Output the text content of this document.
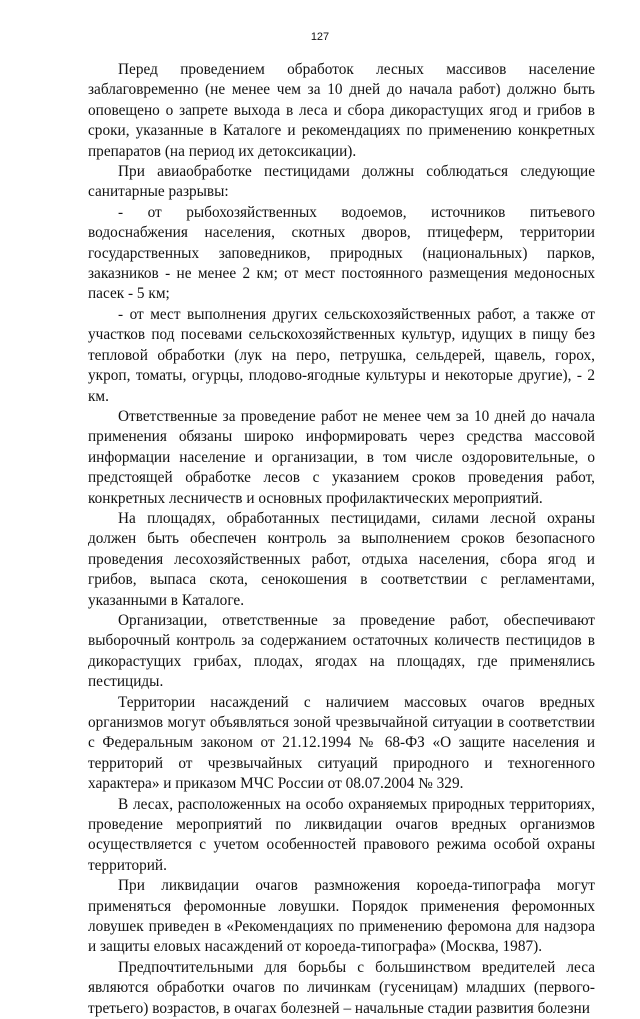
127

Перед проведением обработок лесных массивов население заблаговременно (не менее чем за 10 дней до начала работ) должно быть оповещено о запрете выхода в леса и сбора дикорастущих ягод и грибов в сроки, указанные в Каталоге и рекомендациях по применению конкретных препаратов (на период их детоксикации).

При авиаобработке пестицидами должны соблюдаться следующие санитарные разрывы:

- от рыбохозяйственных водоемов, источников питьевого водоснабжения населения, скотных дворов, птицеферм, территории государственных заповедников, природных (национальных) парков, заказников - не менее 2 км; от мест постоянного размещения медоносных пасек - 5 км;

- от мест выполнения других сельскохозяйственных работ, а также от участков под посевами сельскохозяйственных культур, идущих в пищу без тепловой обработки (лук на перо, петрушка, сельдерей, щавель, горох, укроп, томаты, огурцы, плодово-ягодные культуры и некоторые другие), - 2 км.

Ответственные за проведение работ не менее чем за 10 дней до начала применения обязаны широко информировать через средства массовой информации население и организации, в том числе оздоровительные, о предстоящей обработке лесов с указанием сроков проведения работ, конкретных лесничеств и основных профилактических мероприятий.

На площадях, обработанных пестицидами, силами лесной охраны должен быть обеспечен контроль за выполнением сроков безопасного проведения лесохозяйственных работ, отдыха населения, сбора ягод и грибов, выпаса скота, сенокошения в соответствии с регламентами, указанными в Каталоге.

Организации, ответственные за проведение работ, обеспечивают выборочный контроль за содержанием остаточных количеств пестицидов в дикорастущих грибах, плодах, ягодах на площадях, где применялись пестициды.

Территории насаждений с наличием массовых очагов вредных организмов могут объявляться зоной чрезвычайной ситуации в соответствии с Федеральным законом от 21.12.1994 № 68-ФЗ «О защите населения и территорий от чрезвычайных ситуаций природного и техногенного характера» и приказом МЧС России от 08.07.2004 № 329.

В лесах, расположенных на особо охраняемых природных территориях, проведение мероприятий по ликвидации очагов вредных организмов осуществляется с учетом особенностей правового режима особой охраны территорий.

При ликвидации очагов размножения короеда-типографа могут применяться феромонные ловушки. Порядок применения феромонных ловушек приведен в «Рекомендациях по применению феромона для надзора и защиты еловых насаждений от короеда-типографа» (Москва, 1987).

Предпочтительными для борьбы с большинством вредителей леса являются обработки очагов по личинкам (гусеницам) младших (первого-третьего) возрастов, в очагах болезней – начальные стадии развития болезни
